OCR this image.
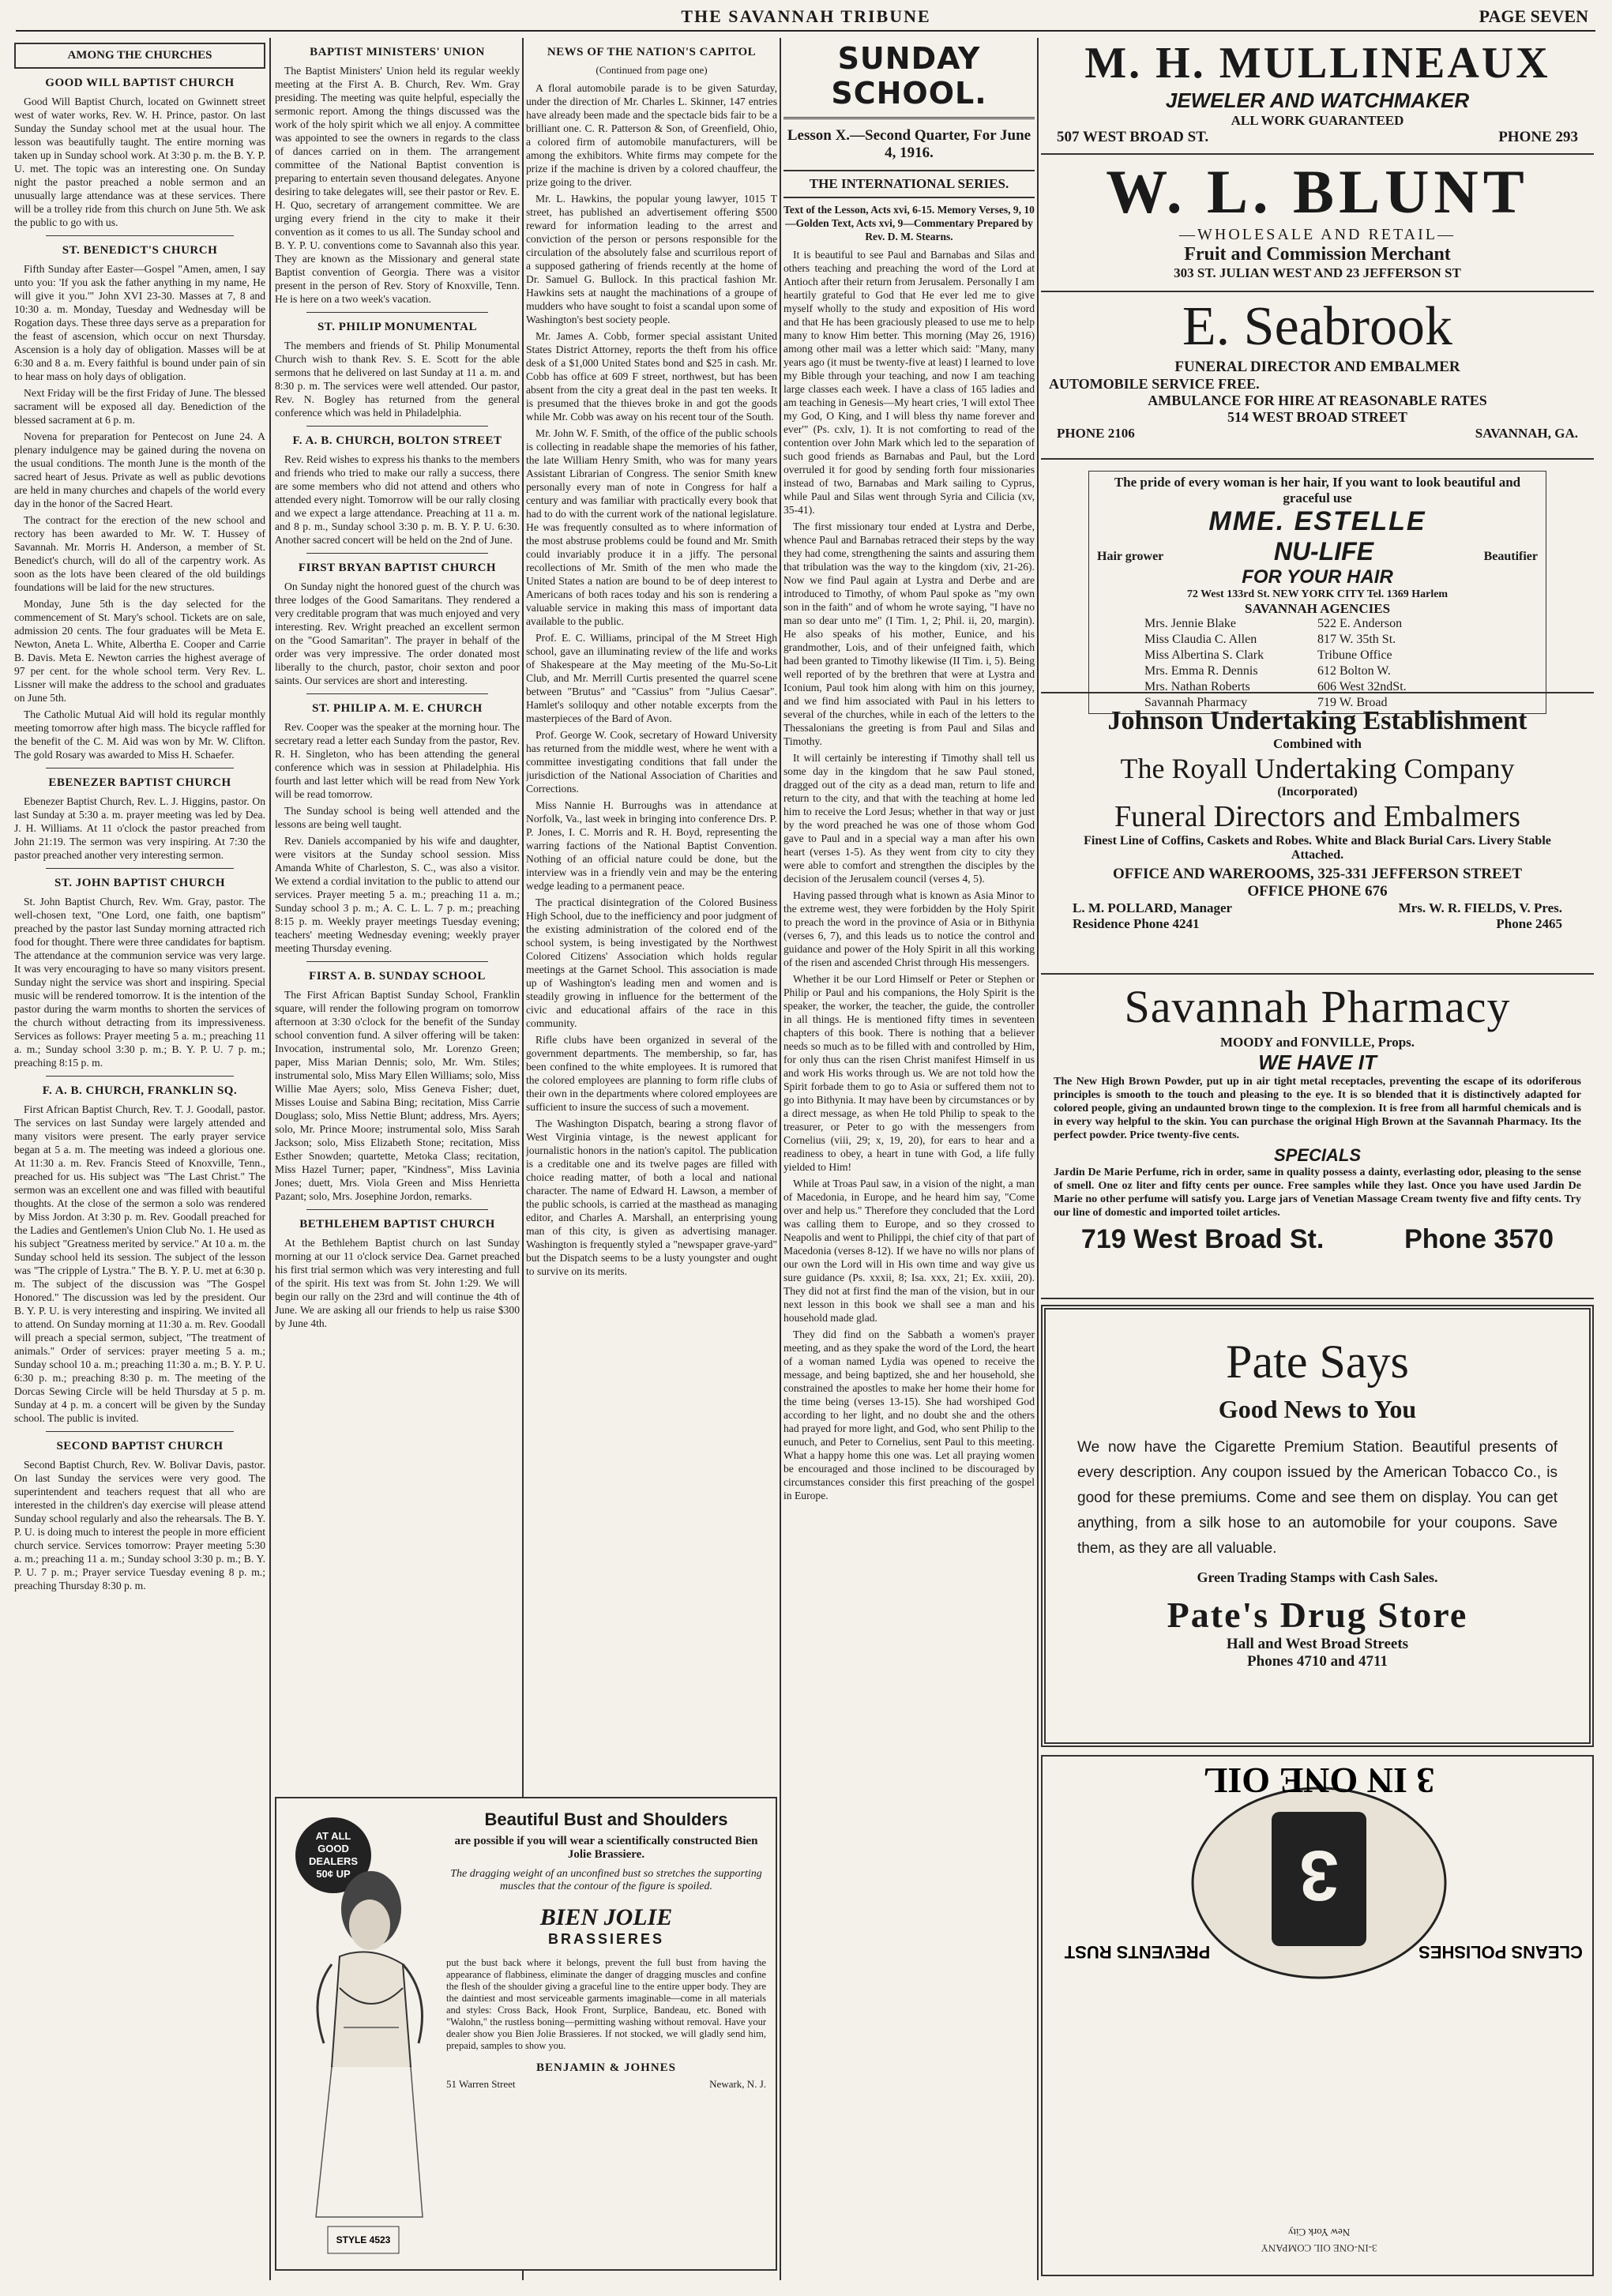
THE SAVANNAH TRIBUNE	PAGE SEVEN
AMONG THE CHURCHES
GOOD WILL BAPTIST CHURCH

Good Will Baptist Church, located on Gwinnett street west of water works, Rev. W. H. Prince, pastor. On last Sunday the Sunday school met at the usual hour. The lesson was beautifully taught. The entire morning was taken up in Sunday school work. At 3:30 p. m. the B. Y. P. U. met. The topic was an interesting one. On Sunday night the pastor preached a noble sermon and an unusually large attendance was at these services. There will be a trolley ride from this church on June 5th. We ask the public to go with us.

ST. BENEDICT'S CHURCH

Fifth Sunday after Easter—Gospel "Amen, amen, I say unto you: 'If you ask the father anything in my name, He will give it you.'" John XVI 23-30. Masses at 7, 8 and 10:30 a. m. Monday, Tuesday and Wednesday will be Rogation days. These three days serve as a preparation for the feast of ascension, which occur on next Thursday. Ascension is a holy day of obligation. Masses will be at 6:30 and 8 a. m. Every faithful is bound under pain of sin to hear mass on holy days of obligation.

Next Friday will be the first Friday of June. The blessed sacrament will be exposed all day. Benediction of the blessed sacrament at 6 p. m.

Novena for preparation for Pentecost on June 24. A plenary indulgence may be gained during the novena on the usual conditions. The month June is the month of the sacred heart of Jesus. Private as well as public devotions are held in many churches and chapels of the world every day in the honor of the Sacred Heart.

The contract for the erection of the new school and rectory has been awarded to Mr. W. T. Hussey of Savannah. Mr. Morris H. Anderson, a member of St. Benedict's church, will do all of the carpentry work. As soon as the lots have been cleared of the old buildings foundations will be laid for the new structures.

Monday, June 5th is the day selected for the commencement of St. Mary's school. Tickets are on sale, admission 20 cents. The four graduates will be Meta E. Newton, Aneta L. White, Albertha E. Cooper and Carrie B. Davis. Meta E. Newton carries the highest average of 97 per cent. for the whole school term. Very Rev. L. Lissner will make the address to the school and graduates on June 5th.

The Catholic Mutual Aid will hold its regular monthly meeting tomorrow after high mass. The bicycle raffled for the benefit of the C. M. Aid was won by Mr. W. Clifton. The gold Rosary was awarded to Miss H. Schaefer.

EBENEZER BAPTIST CHURCH

Ebenezer Baptist Church, Rev. L. J. Higgins, pastor. On last Sunday at 5:30 a. m. prayer meeting was led by Dea. J. H. Williams. At 11 o'clock the pastor preached from John 21:19. The sermon was very inspiring. At 7:30 the pastor preached another very interesting sermon.

ST. JOHN BAPTIST CHURCH

St. John Baptist Church, Rev. Wm. Gray, pastor. The well-chosen text, "One Lord, one faith, one baptism" preached by the pastor last Sunday morning attracted rich food for thought. There were three candidates for baptism. The attendance at the communion service was very large. It was very encouraging to have so many visitors present. Sunday night the service was short and inspiring. Special music will be rendered tomorrow. It is the intention of the pastor during the warm months to shorten the services of the church without detracting from its impressiveness. Services as follows: Prayer meeting 5 a. m.; preaching 11 a. m.; Sunday school 3:30 p. m.; B. Y. P. U. 7 p. m.; preaching 8:15 p. m.

F. A. B. CHURCH, FRANKLIN SQ.

First African Baptist Church, Rev. T. J. Goodall, pastor. The services on last Sunday were largely attended and many visitors were present. The early prayer service began at 5 a. m. The meeting was indeed a glorious one. At 11:30 a. m. Rev. Francis Steed of Knoxville, Tenn., preached for us. His subject was "The Last Christ." The sermon was an excellent one and was filled with beautiful thoughts. At the close of the sermon a solo was rendered by Miss Jordon. At 3:30 p. m. Rev. Goodall preached for the Ladies and Gentlemen's Union Club No. 1. He used as his subject "Greatness merited by service." At 10 a. m. the Sunday school held its session. The subject of the lesson was "The cripple of Lystra." The B. Y. P. U. met at 6:30 p. m. The subject of the discussion was "The Gospel Honored." The discussion was led by the president. Our B. Y. P. U. is very interesting and inspiring. We invited all to attend. On Sunday morning at 11:30 a. m. Rev. Goodall will preach a special sermon, subject, "The treatment of animals." Order of services: prayer meeting 5 a. m.; Sunday school 10 a. m.; preaching 11:30 a. m.; B. Y. P. U. 6:30 p. m.; preaching 8:30 p. m. The meeting of the Dorcas Sewing Circle will be held Thursday at 5 p. m. Sunday at 4 p. m. a concert will be given by the Sunday school. The public is invited.

SECOND BAPTIST CHURCH

Second Baptist Church, Rev. W. Bolivar Davis, pastor. On last Sunday the services were very good. The superintendent and teachers request that all who are interested in the children's day exercise will please attend Sunday school regularly and also the rehearsals. The B. Y. P. U. is doing much to interest the people in more efficient church service. Services tomorrow: Prayer meeting 5:30 a. m.; preaching 11 a. m.; Sunday school 3:30 p. m.; B. Y. P. U. 7 p. m.; Prayer service Tuesday evening 8 p. m.; preaching Thursday 8:30 p. m.

BAPTIST MINISTERS' UNION

The Baptist Ministers' Union held its regular weekly meeting at the First A. B. Church, Rev. Wm. Gray presiding. The meeting was quite helpful, especially the sermonic report. Among the things discussed was the work of the holy spirit which we all enjoy. A committee was appointed to see the owners in regards to the class of dances carried on in them. The arrangement committee of the National Baptist convention is preparing to entertain seven thousand delegates. Anyone desiring to take delegates will, see their pastor or Rev. E. H. Quo, secretary of arrangement committee. We are urging every friend in the city to make it their convention as it comes to us all. The Sunday school and B. Y. P. U. conventions come to Savannah also this year. They are known as the Missionary and general state Baptist convention of Georgia. There was a visitor present in the person of Rev. Story of Knoxville, Tenn. He is here on a two week's vacation.

ST. PHILIP MONUMENTAL

The members and friends of St. Philip Monumental Church wish to thank Rev. S. E. Scott for the able sermons that he delivered on last Sunday at 11 a. m. and 8:30 p. m. The services were well attended. Our pastor, Rev. N. Bogley has returned from the general conference which was held in Philadelphia.

F. A. B. CHURCH, BOLTON STREET

Rev. Reid wishes to express his thanks to the members and friends who tried to make our rally a success, there are some members who did not attend and others who attended every night. Tomorrow will be our rally closing and we expect a large attendance. Preaching at 11 a. m. and 8 p. m., Sunday school 3:30 p. m. B. Y. P. U. 6:30. Another sacred concert will be held on the 2nd of June.

FIRST BRYAN BAPTIST CHURCH

On Sunday night the honored guest of the church was three lodges of the Good Samaritans. They rendered a very creditable program that was much enjoyed and very interesting. Rev. Wright preached an excellent sermon on the "Good Samaritan". The prayer in behalf of the order was very impressive. The order donated most liberally to the church, pastor, choir sexton and poor saints. Our services are short and interesting.

ST. PHILIP A. M. E. CHURCH

Rev. Cooper was the speaker at the morning hour. The secretary read a letter each Sunday from the pastor, Rev. R. H. Singleton, who has been attending the general conference which was in session at Philadelphia. His fourth and last letter which will be read from New York will be read tomorrow.

The Sunday school is being well attended and the lessons are being well taught.

Rev. Daniels accompanied by his wife and daughter, were visitors at the Sunday school session. Miss Amanda White of Charleston, S. C., was also a visitor. We extend a cordial invitation to the public to attend our services. Prayer meeting 5 a. m.; preaching 11 a. m.; Sunday school 3 p. m.; A. C. L. L. 7 p. m.; preaching 8:15 p. m. Weekly prayer meetings Tuesday evening; teachers' meeting Wednesday evening; weekly prayer meeting Thursday evening.

FIRST A. B. SUNDAY SCHOOL

The First African Baptist Sunday School, Franklin square, will render the following program on tomorrow afternoon at 3:30 o'clock for the benefit of the Sunday school convention fund. A silver offering will be taken: Invocation, instrumental solo, Mr. Lorenzo Green; paper, Miss Marian Dennis; solo, Mr. Wm. Stiles; instrumental solo, Miss Mary Ellen Williams; solo, Miss Willie Mae Ayers; solo, Miss Geneva Fisher; duet, Misses Louise and Sabina Bing; recitation, Miss Carrie Douglass; solo, Miss Nettie Blunt; address, Mrs. Ayers; solo, Mr. Prince Moore; instrumental solo, Miss Sarah Jackson; solo, Miss Elizabeth Stone; recitation, Miss Esther Snowden; quartette, Metoka Class; recitation, Miss Hazel Turner; paper, "Kindness", Miss Lavinia Jones; duett, Mrs. Viola Green and Miss Henrietta Pazant; solo, Mrs. Josephine Jordon, remarks.

BETHLEHEM BAPTIST CHURCH

At the Bethlehem Baptist church on last Sunday morning at our 11 o'clock service Dea. Garnet preached his first trial sermon which was very interesting and full of the spirit. His text was from St. John 1:29. We will begin our rally on the 23rd and will continue the 4th of June. We are asking all our friends to help us raise $300 by June 4th.

AT ALL
GOOD
DEALERS
50¢ UP
STYLE 4523
Beautiful Bust and Shoulders
are possible if you will wear a scientifically constructed Bien Jolie Brassiere.
The dragging weight of an unconfined bust so stretches the supporting muscles that the contour of the figure is spoiled.
BIEN JOLIE
BRASSIERES
put the bust back where it belongs, prevent the full bust from having the appearance of flabbiness, eliminate the danger of dragging muscles and confine the flesh of the shoulder giving a graceful line to the entire upper body. They are the daintiest and most serviceable garments imaginable—come in all materials and styles: Cross Back, Hook Front, Surplice, Bandeau, etc. Boned with "Walohn," the rustless boning—permitting washing without removal. Have your dealer show you Bien Jolie Brassieres. If not stocked, we will gladly send him, prepaid, samples to show you.
BENJAMIN & JOHNES
51 Warren Street	Newark, N. J.
NEWS OF THE NATION'S CAPITOL
(Continued from page one)

A floral automobile parade is to be given Saturday, under the direction of Mr. Charles L. Skinner, 147 entries have already been made and the spectacle bids fair to be a brilliant one. C. R. Patterson & Son, of Greenfield, Ohio, a colored firm of automobile manufacturers, will be among the exhibitors. White firms may compete for the prize if the machine is driven by a colored chauffeur, the prize going to the driver.

Mr. L. Hawkins, the popular young lawyer, 1015 T street, has published an advertisement offering $500 reward for information leading to the arrest and conviction of the person or persons responsible for the circulation of the absolutely false and scurrilous report of a supposed gathering of friends recently at the home of Dr. Samuel G. Bullock. In this practical fashion Mr. Hawkins sets at naught the machinations of a groupe of mudders who have sought to foist a scandal upon some of Washington's best society people.

Mr. James A. Cobb, former special assistant United States District Attorney, reports the theft from his office desk of a $1,000 United States bond and $25 in cash. Mr. Cobb has office at 609 F street, northwest, but has been absent from the city a great deal in the past ten weeks. It is presumed that the thieves broke in and got the goods while Mr. Cobb was away on his recent tour of the South.

Mr. John W. F. Smith, of the office of the public schools is collecting in readable shape the memories of his father, the late William Henry Smith, who was for many years Assistant Librarian of Congress. The senior Smith knew personally every man of note in Congress for half a century and was familiar with practically every book that had to do with the current work of the national legislature. He was frequently consulted as to where information of the most abstruse problems could be found and Mr. Smith could invariably produce it in a jiffy. The personal recollections of Mr. Smith of the men who made the United States a nation are bound to be of deep interest to Americans of both races today and his son is rendering a valuable service in making this mass of important data available to the public.

Prof. E. C. Williams, principal of the M Street High school, gave an illuminating review of the life and works of Shakespeare at the May meeting of the Mu-So-Lit Club, and Mr. Merrill Curtis presented the quarrel scene between "Brutus" and "Cassius" from "Julius Caesar". Hamlet's soliloquy and other notable excerpts from the masterpieces of the Bard of Avon.

Prof. George W. Cook, secretary of Howard University has returned from the middle west, where he went with a committee investigating conditions that fall under the jurisdiction of the National Association of Charities and Corrections.

Miss Nannie H. Burroughs was in attendance at Norfolk, Va., last week in bringing into conference Drs. P. P. Jones, I. C. Morris and R. H. Boyd, representing the warring factions of the National Baptist Convention. Nothing of an official nature could be done, but the interview was in a friendly vein and may be the entering wedge leading to a permanent peace.

The practical disintegration of the Colored Business High School, due to the inefficiency and poor judgment of the existing administration of the colored end of the school system, is being investigated by the Northwest Colored Citizens' Association which holds regular meetings at the Garnet School. This association is made up of Washington's leading men and women and is steadily growing in influence for the betterment of the civic and educational affairs of the race in this community.

Rifle clubs have been organized in several of the government departments. The membership, so far, has been confined to the white employees. It is rumored that the colored employees are planning to form rifle clubs of their own in the departments where colored employees are sufficient to insure the success of such a movement.

The Washington Dispatch, bearing a strong flavor of West Virginia vintage, is the newest applicant for journalistic honors in the nation's capitol. The publication is a creditable one and its twelve pages are filled with choice reading matter, of both a local and national character. The name of Edward H. Lawson, a member of the public schools, is carried at the masthead as managing editor, and Charles A. Marshall, an enterprising young man of this city, is given as advertising manager. Washington is frequently styled a "newspaper grave-yard" but the Dispatch seems to be a lusty youngster and ought to survive on its merits.

SUNDAY SCHOOL.
Lesson X.—Second Quarter, For June 4, 1916.
THE INTERNATIONAL SERIES.
Text of the Lesson, Acts xvi, 6-15. Memory Verses, 9, 10—Golden Text, Acts xvi, 9—Commentary Prepared by Rev. D. M. Stearns.

It is beautiful to see Paul and Barnabas and Silas and others teaching and preaching the word of the Lord at Antioch after their return from Jerusalem. Personally I am heartily grateful to God that He ever led me to give myself wholly to the study and exposition of His word and that He has been graciously pleased to use me to help many to know Him better. This morning (May 26, 1916) among other mail was a letter which said: "Many, many years ago (it must be twenty-five at least) I learned to love my Bible through your teaching, and now I am teaching large classes each week. I have a class of 165 ladies and am teaching in Genesis—My heart cries, 'I will extol Thee my God, O King, and I will bless thy name forever and ever'" (Ps. cxlv, 1). It is not comforting to read of the contention over John Mark which led to the separation of such good friends as Barnabas and Paul, but the Lord overruled it for good by sending forth four missionaries instead of two, Barnabas and Mark sailing to Cyprus, while Paul and Silas went through Syria and Cilicia (xv, 35-41).

The first missionary tour ended at Lystra and Derbe, whence Paul and Barnabas retraced their steps by the way they had come, strengthening the saints and assuring them that tribulation was the way to the kingdom (xiv, 21-26). Now we find Paul again at Lystra and Derbe and are introduced to Timothy, of whom Paul spoke as "my own son in the faith" and of whom he wrote saying, "I have no man so dear unto me" (I Tim. 1, 2; Phil. ii, 20, margin). He also speaks of his mother, Eunice, and his grandmother, Lois, and of their unfeigned faith, which had been granted to Timothy likewise (II Tim. i, 5). Being well reported of by the brethren that were at Lystra and Iconium, Paul took him along with him on this journey, and we find him associated with Paul in his letters to several of the churches, while in each of the letters to the Thessalonians the greeting is from Paul and Silas and Timothy.

It will certainly be interesting if Timothy shall tell us some day in the kingdom that he saw Paul stoned, dragged out of the city as a dead man, return to life and return to the city, and that with the teaching at home led him to receive the Lord Jesus; whether in that way or just by the word preached he was one of those whom God gave to Paul and in a special way a man after his own heart (verses 1-5). As they went from city to city they were able to comfort and strengthen the disciples by the decision of the Jerusalem council (verses 4, 5).

Having passed through what is known as Asia Minor to the extreme west, they were forbidden by the Holy Spirit to preach the word in the province of Asia or in Bithynia (verses 6, 7), and this leads us to notice the control and guidance and power of the Holy Spirit in all this working of the risen and ascended Christ through His messengers.

Whether it be our Lord Himself or Peter or Stephen or Philip or Paul and his companions, the Holy Spirit is the speaker, the worker, the teacher, the guide, the controller in all things. He is mentioned fifty times in seventeen chapters of this book. There is nothing that a believer needs so much as to be filled with and controlled by Him, for only thus can the risen Christ manifest Himself in us and work His works through us. We are not told how the Spirit forbade them to go to Asia or suffered them not to go into Bithynia. It may have been by circumstances or by a direct message, as when He told Philip to speak to the treasurer, or Peter to go with the messengers from Cornelius (viii, 29; x, 19, 20), for ears to hear and a readiness to obey, a heart in tune with God, a life fully yielded to Him!

While at Troas Paul saw, in a vision of the night, a man of Macedonia, in Europe, and he heard him say, "Come over and help us." Therefore they concluded that the Lord was calling them to Europe, and so they crossed to Neapolis and went to Philippi, the chief city of that part of Macedonia (verses 8-12). If we have no wills nor plans of our own the Lord will in His own time and way give us sure guidance (Ps. xxxii, 8; Isa. xxx, 21; Ex. xxiii, 20). They did not at first find the man of the vision, but in our next lesson in this book we shall see a man and his household made glad.

They did find on the Sabbath a women's prayer meeting, and as they spake the word of the Lord, the heart of a woman named Lydia was opened to receive the message, and being baptized, she and her household, she constrained the apostles to make her home their home for the time being (verses 13-15). She had worshiped God according to her light, and no doubt she and the others had prayed for more light, and God, who sent Philip to the eunuch, and Peter to Cornelius, sent Paul to this meeting. What a happy home this one was. Let all praying women be encouraged and those inclined to be discouraged by circumstances consider this first preaching of the gospel in Europe.

M. H. MULLINEAUX
JEWELER AND WATCHMAKER
ALL WORK GUARANTEED
507 WEST BROAD ST.	PHONE 293
W. L. BLUNT
—WHOLESALE AND RETAIL—
Fruit and Commission Merchant
303 ST. JULIAN WEST AND 23 JEFFERSON ST
E. Seabrook
FUNERAL DIRECTOR AND EMBALMER
AUTOMOBILE SERVICE FREE.
AMBULANCE FOR HIRE AT REASONABLE RATES
514 WEST BROAD STREET
PHONE 2106	SAVANNAH, GA.
The pride of every woman is her hair, If you want to look beautiful and graceful use
MME. ESTELLE
Hair grower	NU-LIFE	Beautifier
FOR YOUR HAIR
72 West 133rd St. NEW YORK CITY Tel. 1369 Harlem
SAVANNAH AGENCIES
Mrs. Jennie Blake	522 E. Anderson
Miss Claudia C. Allen	817 W. 35th St.
Miss Albertina S. Clark	Tribune Office
Mrs. Emma R. Dennis	612 Bolton W.
Mrs. Nathan Roberts	606 West 32ndSt.
Savannah Pharmacy	719 W. Broad
Johnson Undertaking Establishment
Combined with
The Royall Undertaking Company
(Incorporated)
Funeral Directors and Embalmers
Finest Line of Coffins, Caskets and Robes. White and Black Burial Cars. Livery Stable Attached.
OFFICE AND WAREROOMS, 325-331 JEFFERSON STREET
OFFICE PHONE 676
L. M. POLLARD, Manager	Mrs. W. R. FIELDS, V. Pres.
Residence Phone 4241	Phone 2465
Savannah Pharmacy
MOODY and FONVILLE, Props.
WE HAVE IT
The New High Brown Powder, put up in air tight metal receptacles, preventing the escape of its odoriferous principles is smooth to the touch and pleasing to the eye. It is so blended that it is distinctively adapted for colored people, giving an undaunted brown tinge to the complexion. It is free from all harmful chemicals and is in every way helpful to the skin. You can purchase the original High Brown at the Savannah Pharmacy. Its the perfect powder. Price twenty-five cents.
SPECIALS
Jardin De Marie Perfume, rich in order, same in quality possess a dainty, everlasting odor, pleasing to the sense of smell. One oz liter and fifty cents per ounce. Free samples while they last. Once you have used Jardin De Marie no other perfume will satisfy you. Large jars of Venetian Massage Cream twenty five and fifty cents. Try our line of domestic and imported toilet articles.
719 West Broad St.	Phone 3570
Pate Says
Good News to You
We now have the Cigarette Premium Station. Beautiful presents of every description. Any coupon issued by the American Tobacco Co., is good for these premiums. Come and see them on display. You can get anything, from a silk hose to an automobile for your coupons. Save them, as they are all valuable.
Green Trading Stamps with Cash Sales.
Pate's Drug Store
Hall and West Broad Streets
Phones 4710 and 4711
3-IN-ONE OIL COMPANY
New York City
3
3 IN ONE OIL
CLEANS POLISHES
PREVENTS RUST
